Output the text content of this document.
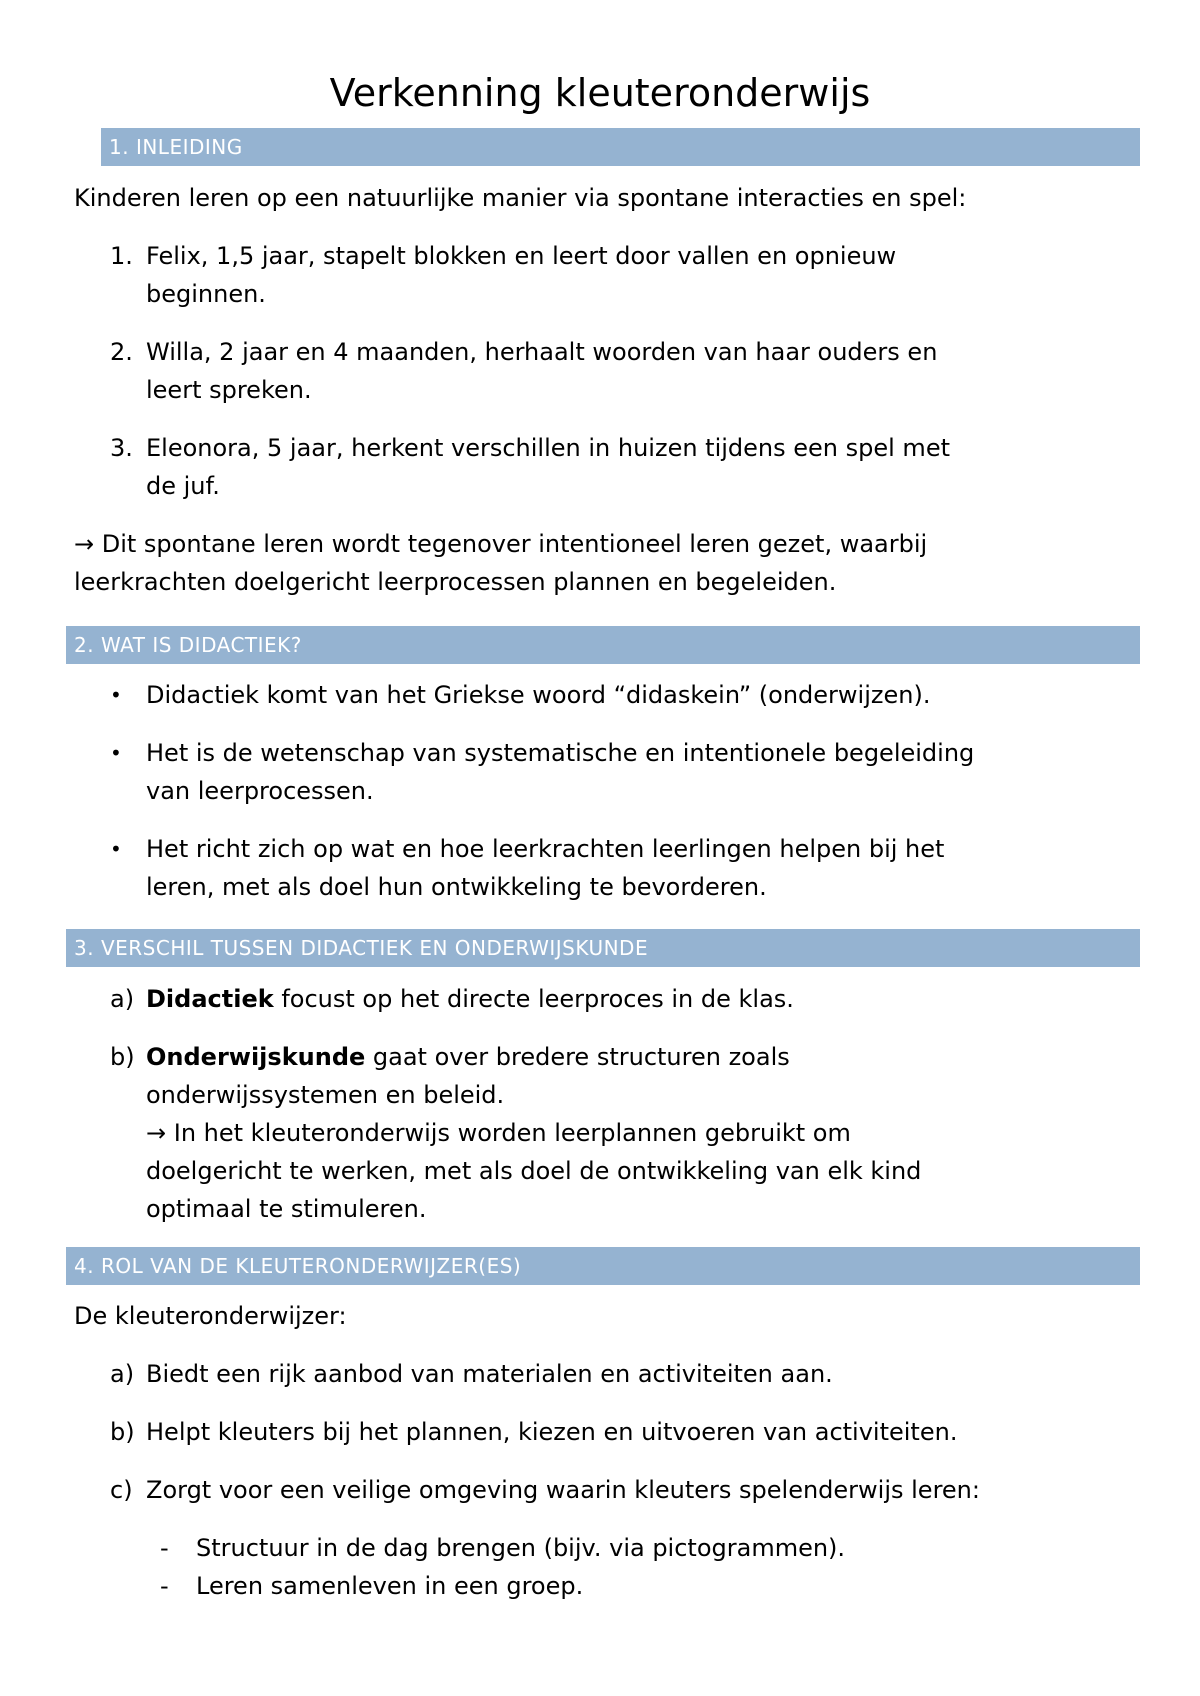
Verkenning kleuteronderwijs
1. INLEIDING
Kinderen leren op een natuurlijke manier via spontane interacties en spel:
1. Felix, 1,5 jaar, stapelt blokken en leert door vallen en opnieuw
beginnen.
2. Willa, 2 jaar en 4 maanden, herhaalt woorden van haar ouders en
leert spreken.
3. Eleonora, 5 jaar, herkent verschillen in huizen tijdens een spel met
de juf.
→ Dit spontane leren wordt tegenover intentioneel leren gezet, waarbij
leerkrachten doelgericht leerprocessen plannen en begeleiden.
2. WAT IS DIDACTIEK?
• Didactiek komt van het Griekse woord “didaskein” (onderwijzen).
• Het is de wetenschap van systematische en intentionele begeleiding
van leerprocessen.
• Het richt zich op wat en hoe leerkrachten leerlingen helpen bij het
leren, met als doel hun ontwikkeling te bevorderen.
3. VERSCHIL TUSSEN DIDACTIEK EN ONDERWIJSKUNDE
a) Didactiek focust op het directe leerproces in de klas.
b) Onderwijskunde gaat over bredere structuren zoals
onderwijssystemen en beleid.
→ In het kleuteronderwijs worden leerplannen gebruikt om
doelgericht te werken, met als doel de ontwikkeling van elk kind
optimaal te stimuleren.
4. ROL VAN DE KLEUTERONDERWIJZER(ES)
De kleuteronderwijzer:
a) Biedt een rijk aanbod van materialen en activiteiten aan.
b) Helpt kleuters bij het plannen, kiezen en uitvoeren van activiteiten.
c) Zorgt voor een veilige omgeving waarin kleuters spelenderwijs leren:
- Structuur in de dag brengen (bijv. via pictogrammen).
- Leren samenleven in een groep.
